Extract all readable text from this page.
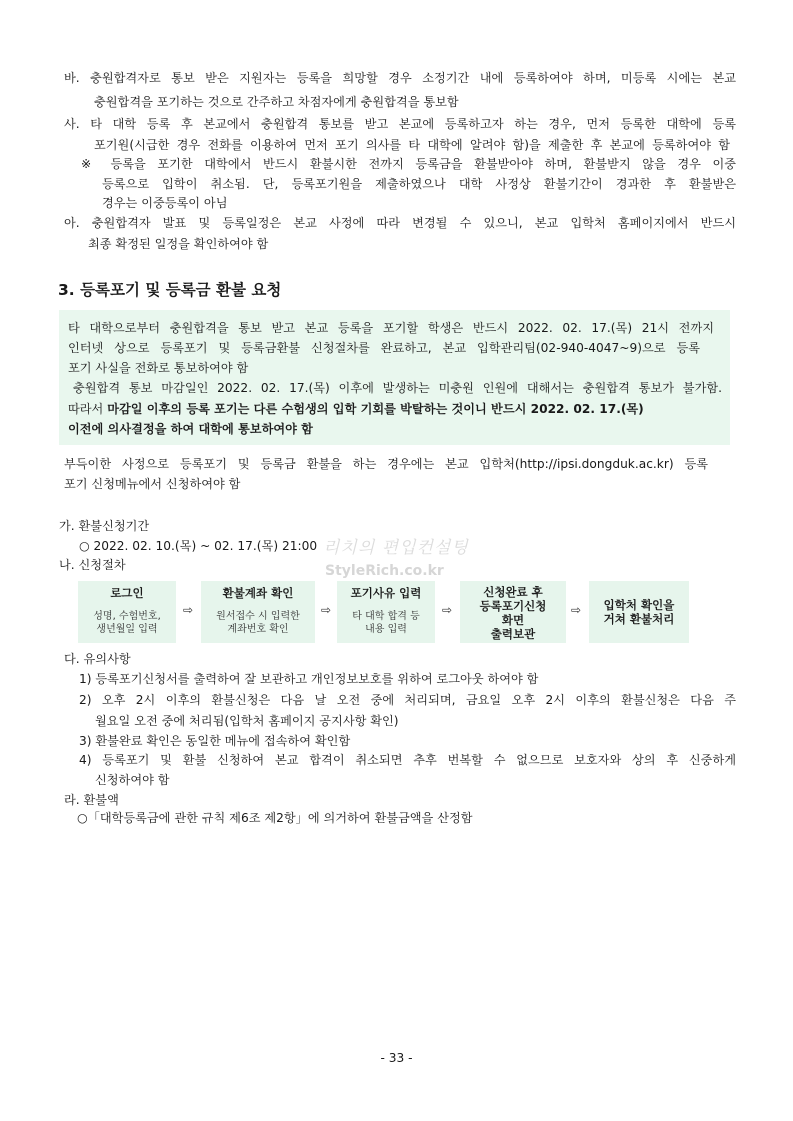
바. 충원합격자로 통보 받은 지원자는 등록을 희망할 경우 소정기간 내에 등록하여야 하며, 미등록 시에는 본교
충원합격을 포기하는 것으로 간주하고 차점자에게 충원합격을 통보함
사. 타 대학 등록 후 본교에서 충원합격 통보를 받고 본교에 등록하고자 하는 경우, 먼저 등록한 대학에 등록
포기원(시급한 경우 전화를 이용하여 먼저 포기 의사를 타 대학에 알려야 함)을 제출한 후 본교에 등록하여야 함
※ 등록을 포기한 대학에서 반드시 환불시한 전까지 등록금을 환불받아야 하며, 환불받지 않을 경우 이중
등록으로 입학이 취소됨. 단, 등록포기원을 제출하였으나 대학 사정상 환불기간이 경과한 후 환불받은
경우는 이중등록이 아님
아. 충원합격자 발표 및 등록일정은 본교 사정에 따라 변경될 수 있으니, 본교 입학처 홈페이지에서 반드시
최종 확정된 일정을 확인하여야 함
3. 등록포기 및 등록금 환불 요청
타 대학으로부터 충원합격을 통보 받고 본교 등록을 포기할 학생은 반드시 2022. 02. 17.(목) 21시 전까지
인터넷 상으로 등록포기 및 등록금환불 신청절차를 완료하고, 본교 입학관리팀(02-940-4047~9)으로 등록
포기 사실을 전화로 통보하여야 함
충원합격 통보 마감일인 2022. 02. 17.(목) 이후에 발생하는 미충원 인원에 대해서는 충원합격 통보가 불가함.
따라서 마감일 이후의 등록 포기는 다른 수험생의 입학 기회를 박탈하는 것이니 반드시 2022. 02. 17.(목)
이전에 의사결정을 하여 대학에 통보하여야 함
부득이한 사정으로 등록포기 및 등록금 환불을 하는 경우에는 본교 입학처(http://ipsi.dongduk.ac.kr) 등록
포기 신청메뉴에서 신청하여야 함
가. 환불신청기간
○ 2022. 02. 10.(목) ~ 02. 17.(목) 21:00 리치의 편입컨설팅
StyleRich.co.kr
나. 신청절차
로그인
성명, 수험번호,
생년월일 입력
⇨
환불계좌 확인
원서접수 시 입력한
계좌번호 확인
⇨
포기사유 입력
타 대학 합격 등
내용 입력
⇨
신청완료 후
등록포기신청
화면
출력보관
⇨	입학처 확인을
거쳐 환불처리
다. 유의사항
1) 등록포기신청서를 출력하여 잘 보관하고 개인정보보호를 위하여 로그아웃 하여야 함
2) 오후 2시 이후의 환불신청은 다음 날 오전 중에 처리되며, 금요일 오후 2시 이후의 환불신청은 다음 주
월요일 오전 중에 처리됨(입학처 홈페이지 공지사항 확인)
3) 환불완료 확인은 동일한 메뉴에 접속하여 확인함
4) 등록포기 및 환불 신청하여 본교 합격이 취소되면 추후 번복할 수 없으므로 보호자와 상의 후 신중하게
신청하여야 함
라. 환불액
○「대학등록금에 관한 규칙 제6조 제2항」에 의거하여 환불금액을 산정함
- 33 -
